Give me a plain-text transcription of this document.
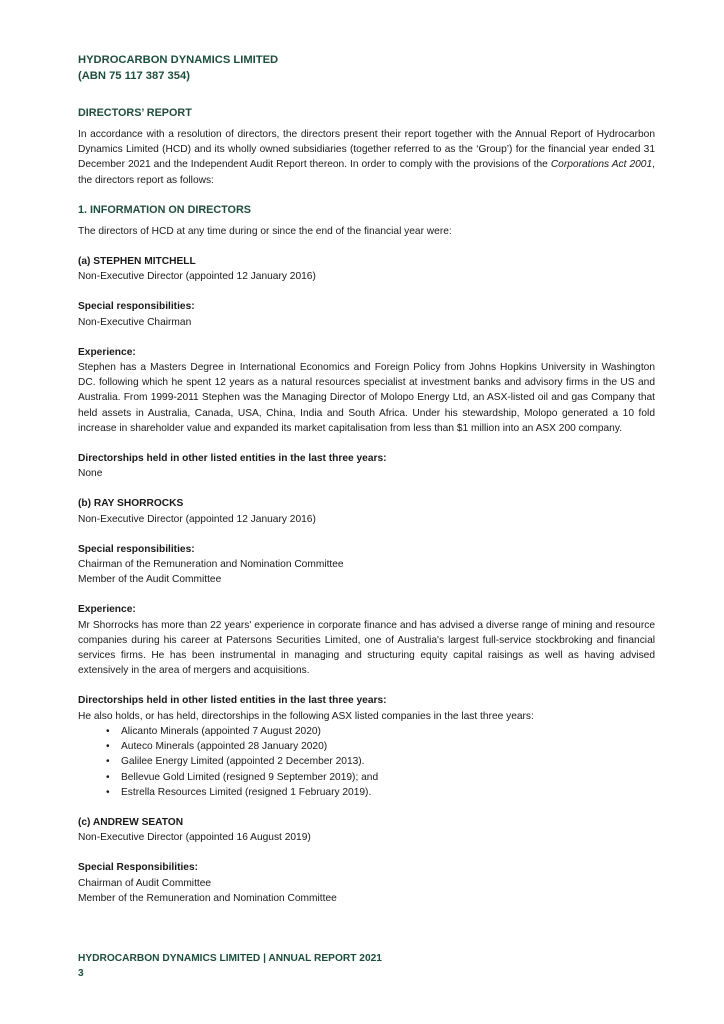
HYDROCARBON DYNAMICS LIMITED

(ABN 75 117 387 354)

DIRECTORS’ REPORT

In accordance with a resolution of directors, the directors present their report together with the Annual Report of Hydrocarbon Dynamics Limited (HCD) and its wholly owned subsidiaries (together referred to as the ‘Group’) for the financial year ended 31 December 2021 and the Independent Audit Report thereon. In order to comply with the provisions of the Corporations Act 2001, the directors report as follows:

1. INFORMATION ON DIRECTORS

The directors of HCD at any time during or since the end of the financial year were:

(a) STEPHEN MITCHELL

Non-Executive Director (appointed 12 January 2016)

Special responsibilities:

Non-Executive Chairman

Experience:

Stephen has a Masters Degree in International Economics and Foreign Policy from Johns Hopkins University in Washington DC. following which he spent 12 years as a natural resources specialist at investment banks and advisory firms in the US and Australia. From 1999-2011 Stephen was the Managing Director of Molopo Energy Ltd, an ASX-listed oil and gas Company that held assets in Australia, Canada, USA, China, India and South Africa. Under his stewardship, Molopo generated a 10 fold increase in shareholder value and expanded its market capitalisation from less than $1 million into an ASX 200 company.

Directorships held in other listed entities in the last three years:

None

(b) RAY SHORROCKS

Non-Executive Director (appointed 12 January 2016)

Special responsibilities:

Chairman of the Remuneration and Nomination Committee

Member of the Audit Committee

Experience:

Mr Shorrocks has more than 22 years' experience in corporate finance and has advised a diverse range of mining and resource companies during his career at Patersons Securities Limited, one of Australia's largest full-service stockbroking and financial services firms. He has been instrumental in managing and structuring equity capital raisings as well as having advised extensively in the area of mergers and acquisitions.

Directorships held in other listed entities in the last three years:

He also holds, or has held, directorships in the following ASX listed companies in the last three years:

• Alicanto Minerals (appointed 7 August 2020)
• Auteco Minerals (appointed 28 January 2020)
• Galilee Energy Limited (appointed 2 December 2013).
• Bellevue Gold Limited (resigned 9 September 2019); and
• Estrella Resources Limited (resigned 1 February 2019).

(c) ANDREW SEATON

Non-Executive Director (appointed 16 August 2019)

Special Responsibilities:

Chairman of Audit Committee

Member of the Remuneration and Nomination Committee

HYDROCARBON DYNAMICS LIMITED | ANNUAL REPORT 2021

3
